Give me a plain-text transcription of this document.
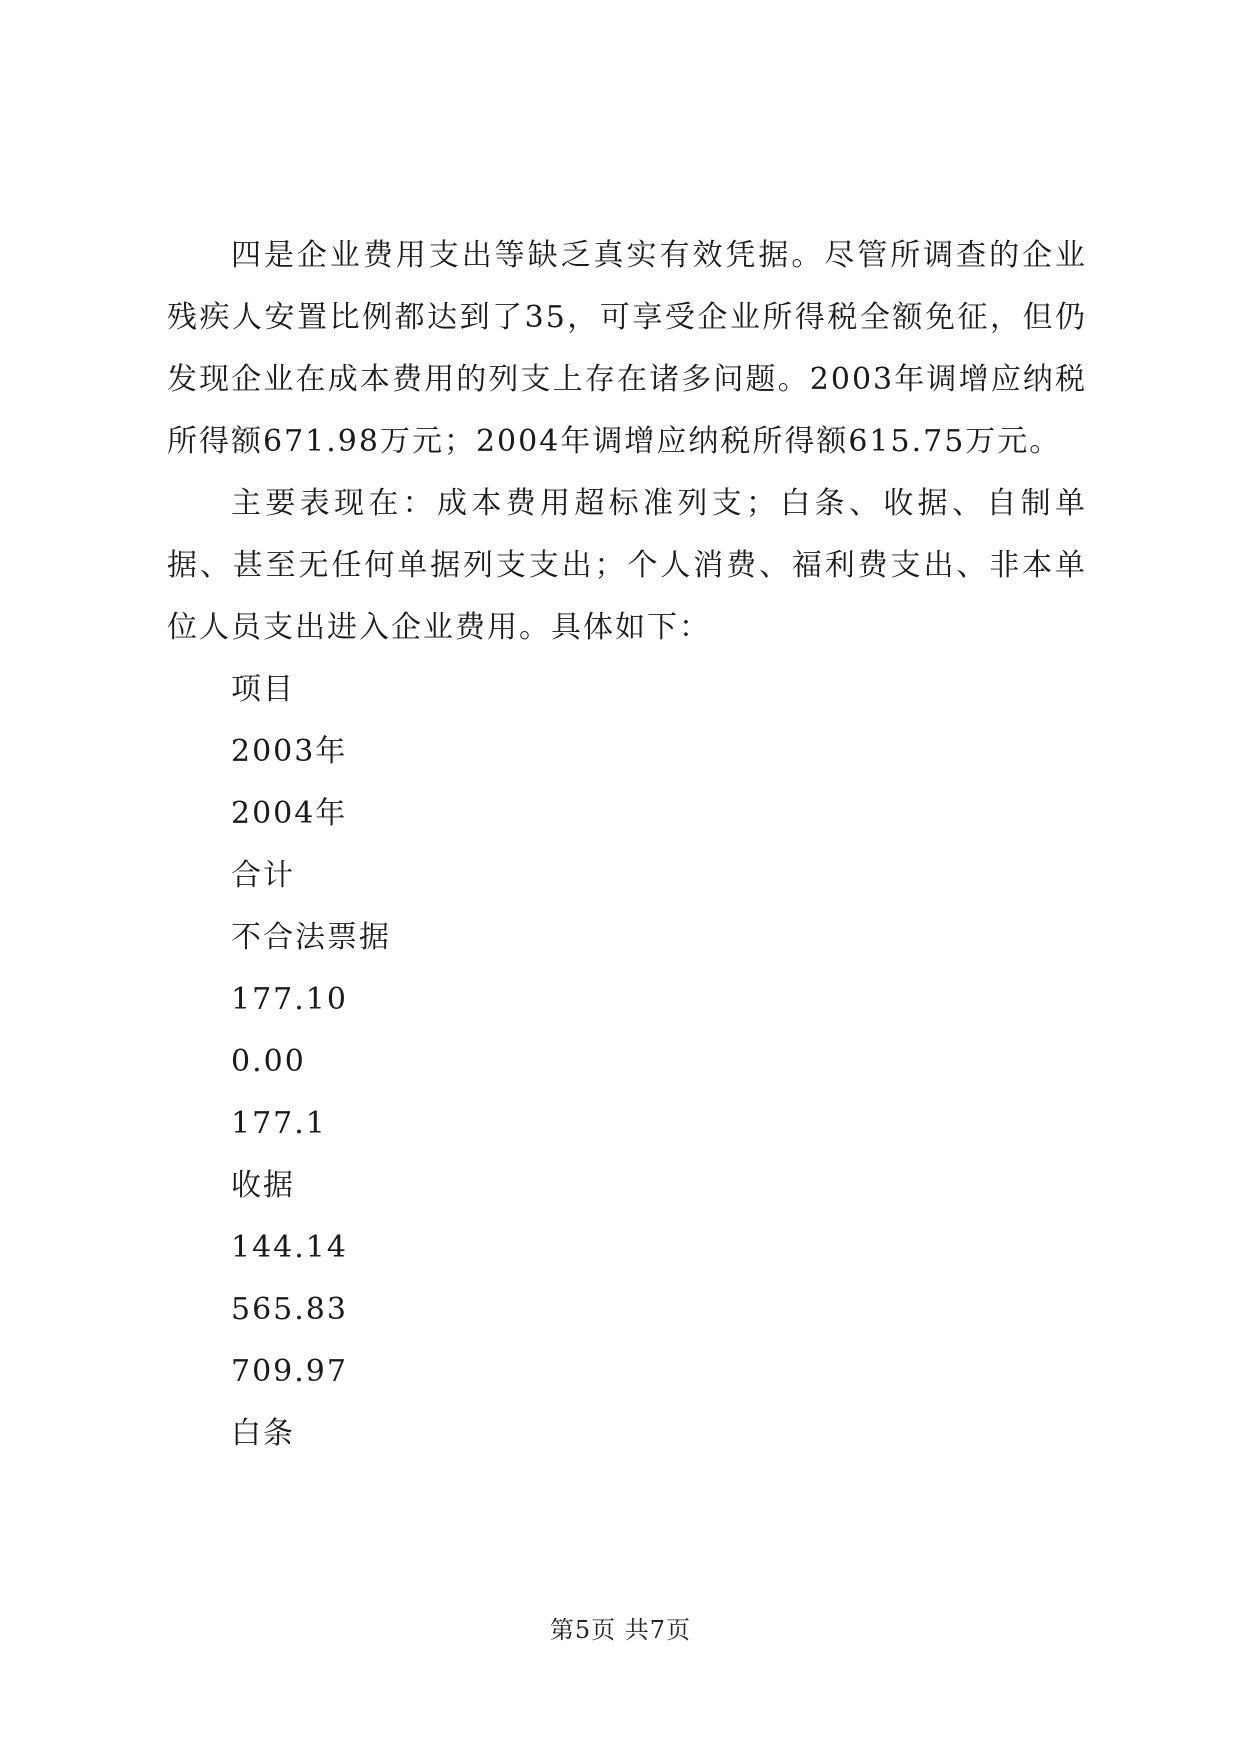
四是企业费用支出等缺乏真实有效凭据。尽管所调查的企业残疾人安置比例都达到了35，可享受企业所得税全额免征，但仍发现企业在成本费用的列支上存在诸多问题。2003年调增应纳税所得额671.98万元；2004年调增应纳税所得额615.75万元。

主要表现在：成本费用超标准列支；白条、收据、自制单据、甚至无任何单据列支支出；个人消费、福利费支出、非本单位人员支出进入企业费用。具体如下：

项目
2003年
2004年
合计
不合法票据
177.10
0.00
177.1
收据
144.14
565.83
709.97
白条
第5页 共7页
